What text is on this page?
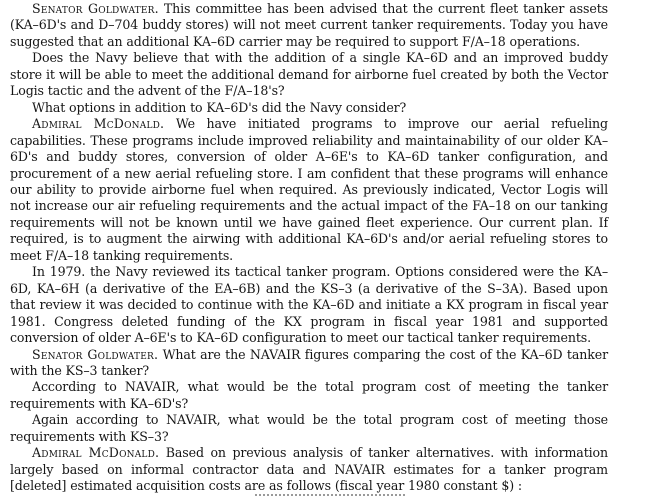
Senator Goldwater. This committee has been advised that the current fleet tanker assets (KA–6D's and D–704 buddy stores) will not meet current tanker requirements. Today you have suggested that an additional KA–6D carrier may be required to support F/A–18 operations.

Does the Navy believe that with the addition of a single KA–6D and an improved buddy store it will be able to meet the additional demand for airborne fuel created by both the Vector Logis tactic and the advent of the F/A–18's?

What options in addition to KA–6D's did the Navy consider?

Admiral McDonald. We have initiated programs to improve our aerial refueling capabilities. These programs include improved reliability and maintainability of our older KA–6D's and buddy stores, conversion of older A–6E's to KA–6D tanker configuration, and procurement of a new aerial refueling store. I am confident that these programs will enhance our ability to provide airborne fuel when required. As previously indicated, Vector Logis will not increase our air refueling requirements and the actual impact of the FA–18 on our tanking requirements will not be known until we have gained fleet experience. Our current plan. If required, is to augment the airwing with additional KA–6D's and/or aerial refueling stores to meet F/A–18 tanking requirements.

In 1979. the Navy reviewed its tactical tanker program. Options considered were the KA–6D, KA–6H (a derivative of the EA–6B) and the KS–3 (a derivative of the S–3A). Based upon that review it was decided to continue with the KA–6D and initiate a KX program in fiscal year 1981. Congress deleted funding of the KX program in fiscal year 1981 and supported conversion of older A–6E's to KA–6D configuration to meet our tactical tanker requirements.

Senator Goldwater. What are the NAVAIR figures comparing the cost of the KA–6D tanker with the KS–3 tanker?

According to NAVAIR, what would be the total program cost of meeting the tanker requirements with KA–6D's?

Again according to NAVAIR, what would be the total program cost of meeting those requirements with KS–3?

Admiral McDonald. Based on previous analysis of tanker alternatives. with information largely based on informal contractor data and NAVAIR estimates for a tanker program [deleted] estimated acquisition costs are as follows (fiscal year 1980 constant $) :
